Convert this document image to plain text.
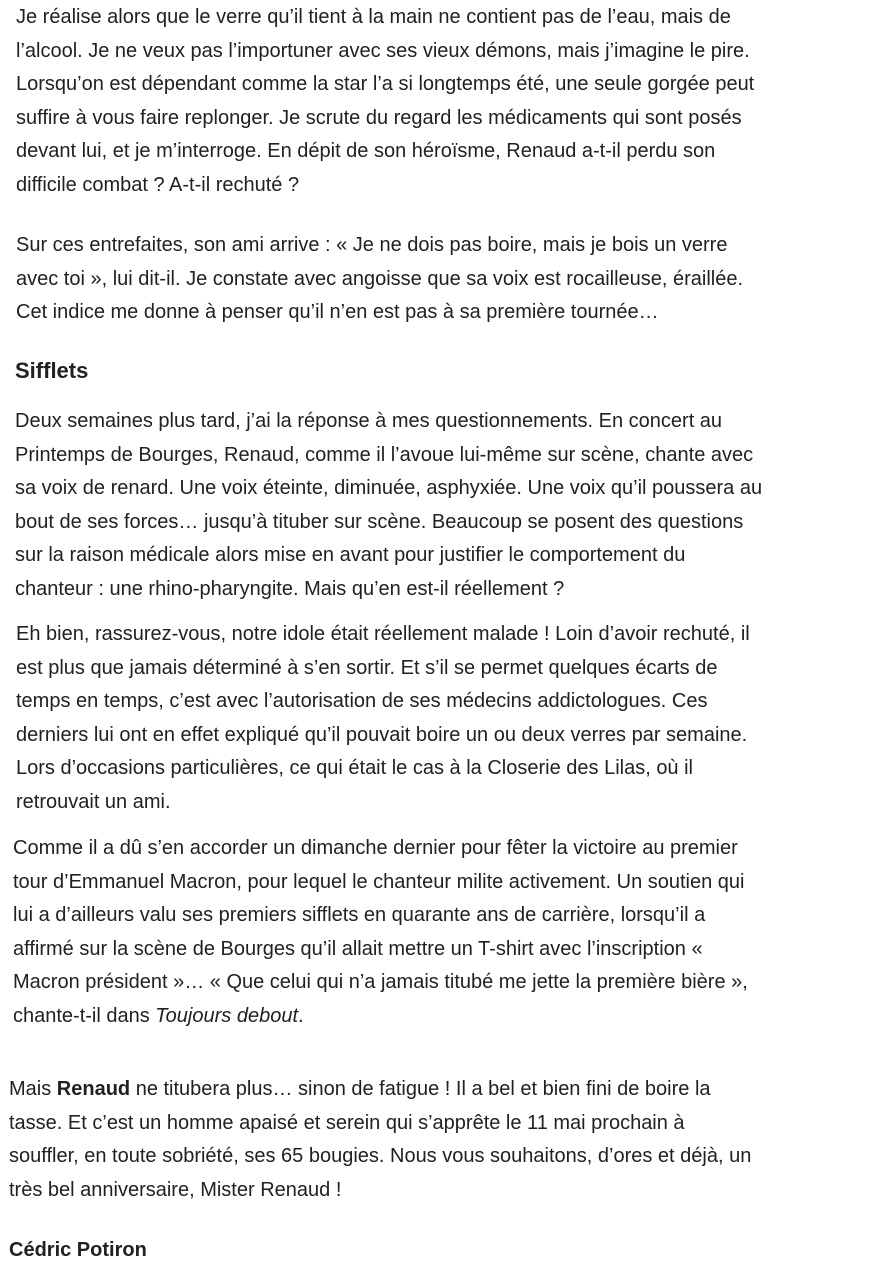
Je réalise alors que le verre qu’il tient à la main ne contient pas de l’eau, mais de
l’alcool. Je ne veux pas l’importuner avec ses vieux démons, mais j’imagine le pire.
Lorsqu’on est dépendant comme la star l’a si longtemps été, une seule gorgée peut
suffire à vous faire replonger. Je scrute du regard les médicaments qui sont posés
devant lui, et je m’interroge. En dépit de son héroïsme, Renaud a-t-il perdu son
difficile combat ? A-t-il rechuté ?

Sur ces entrefaites, son ami arrive : « Je ne dois pas boire, mais je bois un verre
avec toi », lui dit-il. Je constate avec angoisse que sa voix est rocailleuse, éraillée.
Cet indice me donne à penser qu’il n’en est pas à sa première tournée…

Sifflets

Deux semaines plus tard, j’ai la réponse à mes questionnements. En concert au
Printemps de Bourges, Renaud, comme il l’avoue lui-même sur scène, chante avec
sa voix de renard. Une voix éteinte, diminuée, asphyxiée. Une voix qu’il poussera au
bout de ses forces… jusqu’à tituber sur scène. Beaucoup se posent des questions
sur la raison médicale alors mise en avant pour justifier le comportement du
chanteur : une rhino-pharyngite. Mais qu’en est-il réellement ?

Eh bien, rassurez-vous, notre idole était réellement malade ! Loin d’avoir rechuté, il
est plus que jamais déterminé à s’en sortir. Et s’il se permet quelques écarts de
temps en temps, c’est avec l’autorisation de ses médecins addictologues. Ces
derniers lui ont en effet expliqué qu’il pouvait boire un ou deux verres par semaine.
Lors d’occasions particulières, ce qui était le cas à la Closerie des Lilas, où il
retrouvait un ami.

Comme il a dû s’en accorder un dimanche dernier pour fêter la victoire au premier
tour d’Emmanuel Macron, pour lequel le chanteur milite activement. Un soutien qui
lui a d’ailleurs valu ses premiers sifflets en quarante ans de carrière, lorsqu’il a
affirmé sur la scène de Bourges qu’il allait mettre un T-shirt avec l’inscription «
Macron président »… « Que celui qui n’a jamais titubé me jette la première bière »,
chante-t-il dans Toujours debout.

Mais Renaud ne titubera plus… sinon de fatigue ! Il a bel et bien fini de boire la
tasse. Et c’est un homme apaisé et serein qui s’apprête le 11 mai prochain à
souffler, en toute sobriété, ses 65 bougies. Nous vous souhaitons, d’ores et déjà, un
très bel anniversaire, Mister Renaud !

Cédric Potiron
